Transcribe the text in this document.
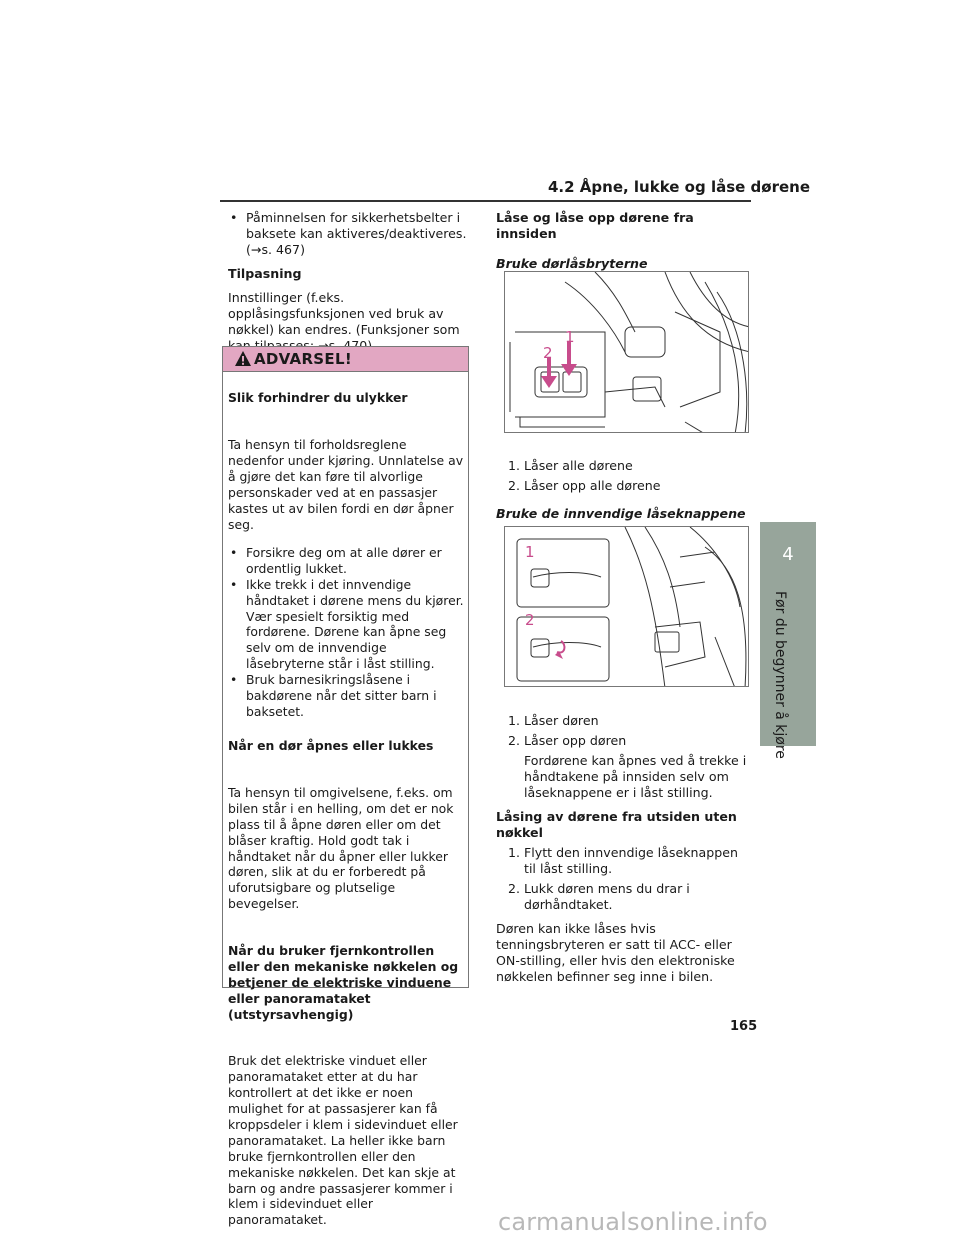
4.2 Åpne, lukke og låse dørene

• Påminnelsen for sikkerhetsbelter i baksete kan aktiveres/deaktiveres. (→s. 467)

Tilpasning

Innstillinger (f.eks. opplåsingsfunksjonen ved bruk av nøkkel) kan endres. (Funksjoner som

ADVARSEL!

Slik forhindrer du ulykker

Ta hensyn til forholdsreglene nedenfor under kjøring. Unnlatelse av å gjøre det kan føre til alvorlige personskader ved at en passasjer kastes ut av bilen fordi en dør åpner seg.

• Forsikre deg om at alle dører er ordentlig lukket.

• Ikke trekk i det innvendige håndtaket i dørene mens du kjører. Vær spesielt forsiktig med fordørene. Dørene kan åpne seg selv om de innvendige låsebryterne står i låst stilling.

• Bruk barnesikringslåsene i bakdørene når det sitter barn i baksetet.

Når en dør åpnes eller lukkes

Ta hensyn til omgivelsene, f.eks. om bilen står i en helling, om det er nok plass til å åpne døren eller om det blåser kraftig. Hold godt tak i håndtaket når du åpner eller lukker døren, slik at du er forberedt på uforutsigbare og plutselige bevegelser.

Når du bruker fjernkontrollen eller den mekaniske nøkkelen og betjener de elektriske vinduene eller panoramataket (utstyrsavhengig)

Bruk det elektriske vinduet eller panoramataket etter at du har kontrollert at det ikke er noen mulighet for at passasjerer kan få kroppsdeler i klem i sidevinduet eller panoramataket. La heller ikke barn bruke fjernkontrollen eller den mekaniske nøkkelen. Det kan skje at barn og andre passasjerer kommer i klem i sidevinduet eller panoramataket.

Låse og låse opp dørene fra innsiden

Bruke dørlåsbryterne

1. Låser alle dørene

2. Låser opp alle dørene

Bruke de innvendige låseknappene

1. Låser døren

2. Låser opp døren

Fordørene kan åpnes ved å trekke i håndtakene på innsiden selv om låseknappene er i låst stilling.

Låsing av dørene fra utsiden uten nøkkel

1. Flytt den innvendige låseknappen til låst stilling.

2. Lukk døren mens du drar i dørhåndtaket.

Døren kan ikke låses hvis tenningsbryteren er satt til ACC- eller ON-stilling, eller hvis den elektroniske nøkkelen befinner seg inne i bilen.

1
2
1
2
4
Før du begynner å kjøre
165
carmanualsonline.info
